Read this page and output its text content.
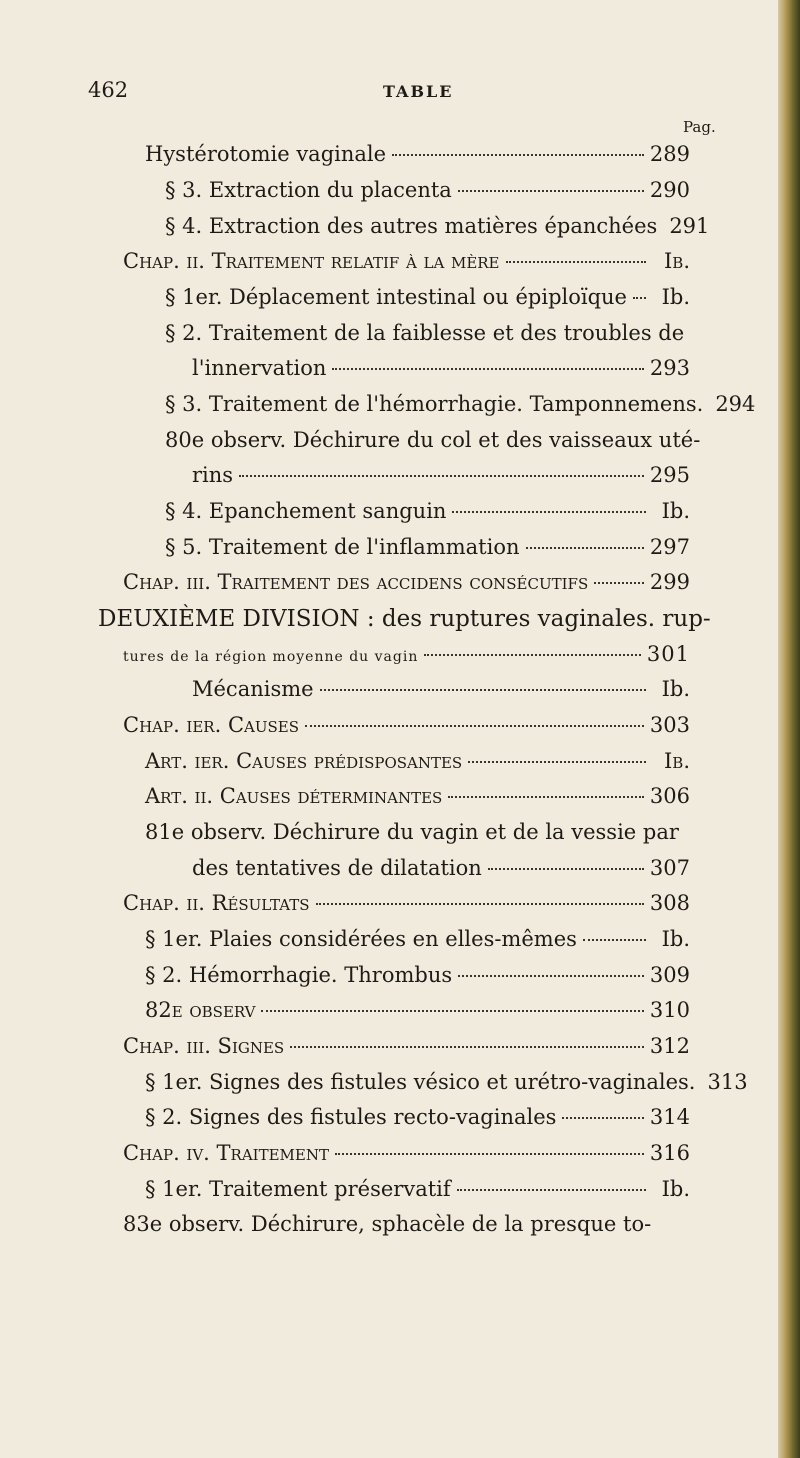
462	TABLE
Pag.
Hystérotomie vaginale	289
§ 3. Extraction du placenta	290
§ 4. Extraction des autres matières épanchées 291
Chap. ii. Traitement relatif à la mère	Ib.
§ 1er. Déplacement intestinal ou épiploïque	Ib.
§ 2. Traitement de la faiblesse et des troubles de
l'innervation	293
§ 3. Traitement de l'hémorrhagie. Tamponnemens. 294
80e observ. Déchirure du col et des vaisseaux uté-
rins	295
§ 4. Epanchement sanguin	Ib.
§ 5. Traitement de l'inflammation	297
Chap. iii. Traitement des accidens consécutifs	299
DEUXIÈME DIVISION : des ruptures vaginales. rup-
tures de la région moyenne du vagin	301
Mécanisme	Ib.
Chap. ier. Causes	303
Art. ier. Causes prédisposantes	Ib.
Art. ii. Causes déterminantes	306
81e observ. Déchirure du vagin et de la vessie par
des tentatives de dilatation	307
Chap. ii. Résultats	308
§ 1er. Plaies considérées en elles-mêmes	Ib.
§ 2. Hémorrhagie. Thrombus	309
82e observ	310
Chap. iii. Signes	312
§ 1er. Signes des fistules vésico et urétro-vaginales. 313
§ 2. Signes des fistules recto-vaginales	314
Chap. iv. Traitement	316
§ 1er. Traitement préservatif	Ib.
83e observ. Déchirure, sphacèle de la presque to-
